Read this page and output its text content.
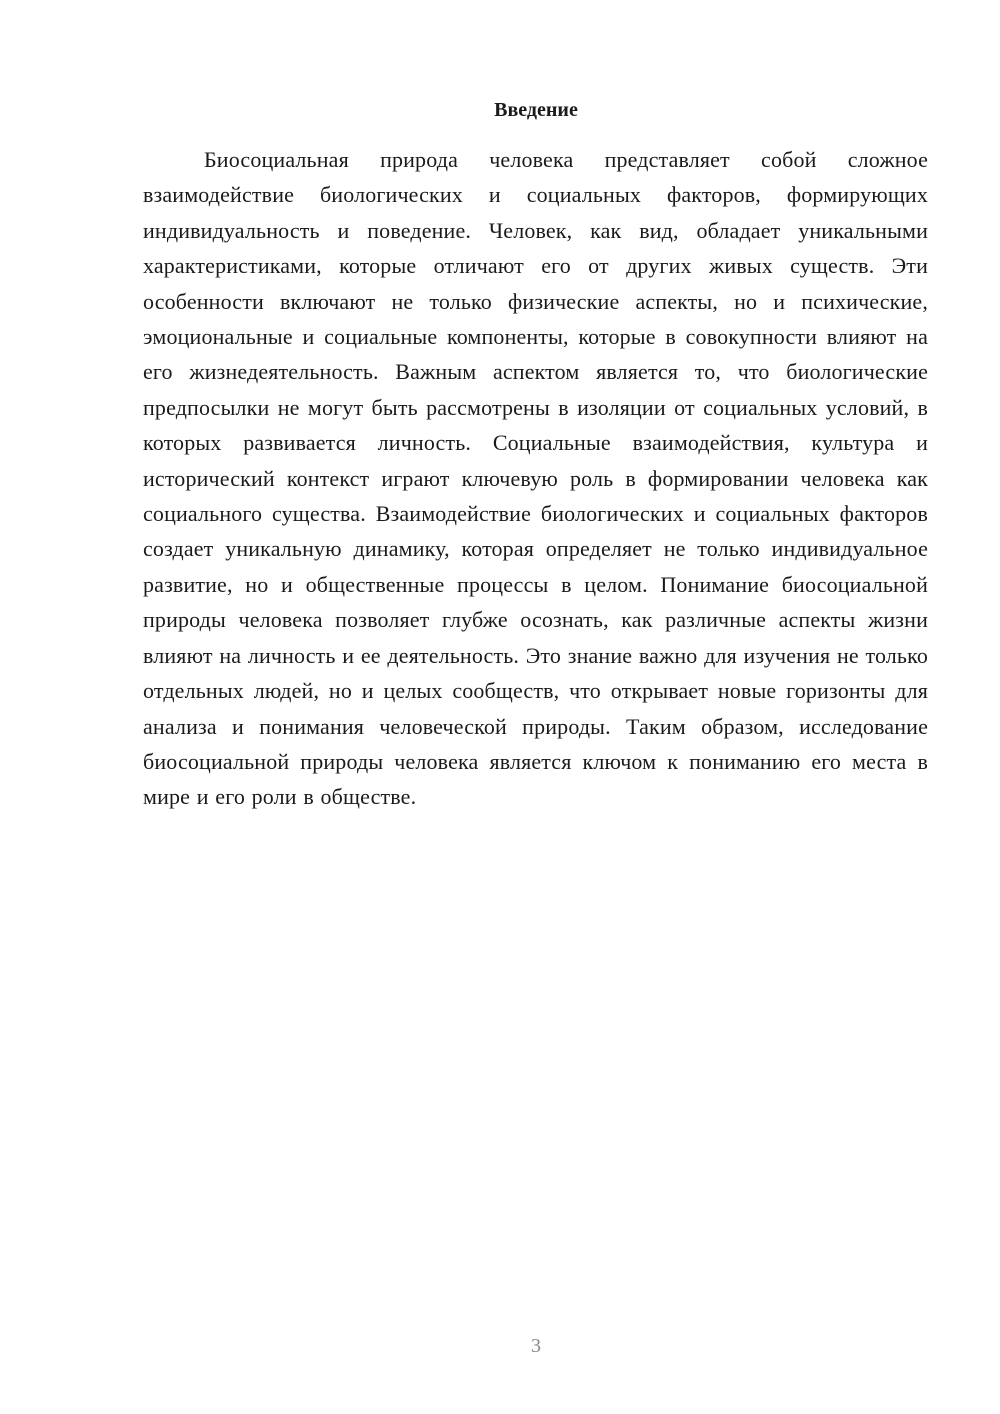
Введение

Биосоциальная природа человека представляет собой сложное взаимодействие биологических и социальных факторов, формирующих индивидуальность и поведение. Человек, как вид, обладает уникальными характеристиками, которые отличают его от других живых существ. Эти особенности включают не только физические аспекты, но и психические, эмоциональные и социальные компоненты, которые в совокупности влияют на его жизнедеятельность. Важным аспектом является то, что биологические предпосылки не могут быть рассмотрены в изоляции от социальных условий, в которых развивается личность. Социальные взаимодействия, культура и исторический контекст играют ключевую роль в формировании человека как социального существа. Взаимодействие биологических и социальных факторов создает уникальную динамику, которая определяет не только индивидуальное развитие, но и общественные процессы в целом. Понимание биосоциальной природы человека позволяет глубже осознать, как различные аспекты жизни влияют на личность и ее деятельность. Это знание важно для изучения не только отдельных людей, но и целых сообществ, что открывает новые горизонты для анализа и понимания человеческой природы. Таким образом, исследование биосоциальной природы человека является ключом к пониманию его места в мире и его роли в обществе.

3
